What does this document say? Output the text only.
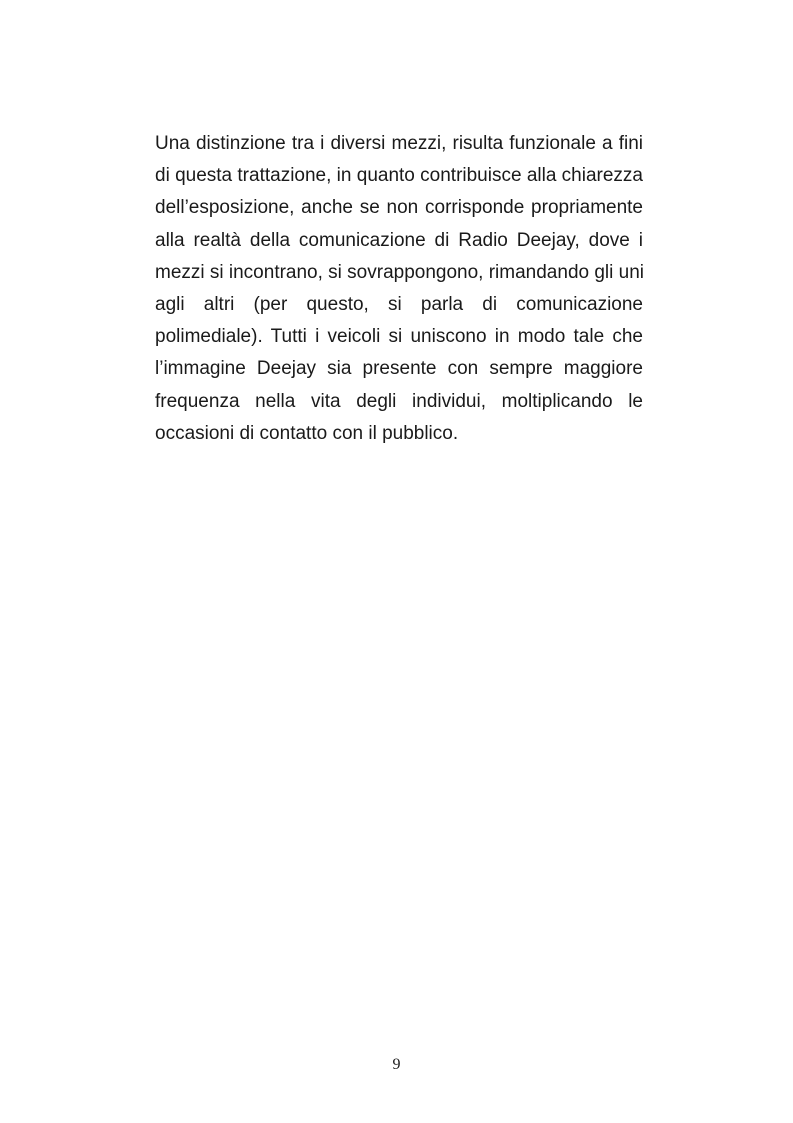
Una distinzione tra i diversi mezzi, risulta funzionale a fini
di questa trattazione, in quanto contribuisce alla chiarezza
dell’esposizione, anche se non corrisponde propriamente
alla realtà della comunicazione di Radio Deejay, dove i
mezzi si incontrano, si sovrappongono, rimandando gli uni
agli altri (per questo, si parla di comunicazione
polimediale). Tutti i veicoli si uniscono in modo tale che
l’immagine Deejay sia presente con sempre maggiore
frequenza nella vita degli individui, moltiplicando le
occasioni di contatto con il pubblico.

9
